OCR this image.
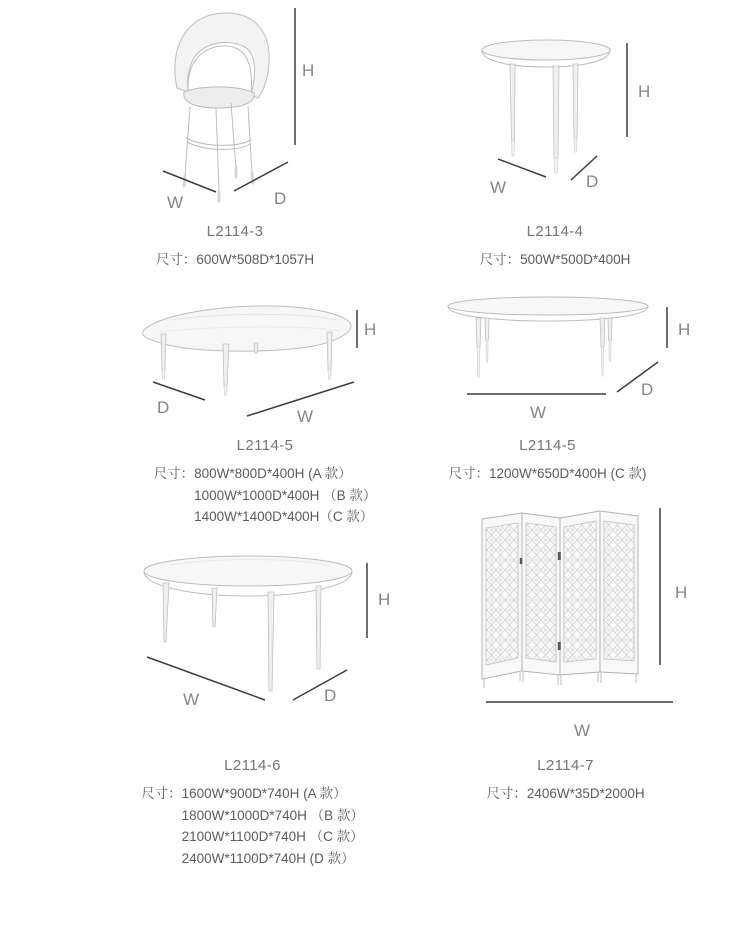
H
W	D
L2114-3
尺寸： 600W*508D*1057H
H
W	D
L2114-4
尺寸： 500W*500D*400H
H
D	W
L2114-5
尺寸： 800W*800D*400H (A 款）
1000W*1000D*400H （B 款）
1400W*1400D*400H（C 款）
H
D
W
L2114-5
尺寸： 1200W*650D*400H (C 款)
H
W	D
L2114-6
尺寸： 1600W*900D*740H (A 款）
1800W*1000D*740H （B 款）
2100W*1100D*740H （C 款）
2400W*1100D*740H (D 款）
H
W
L2114-7
尺寸： 2406W*35D*2000H
